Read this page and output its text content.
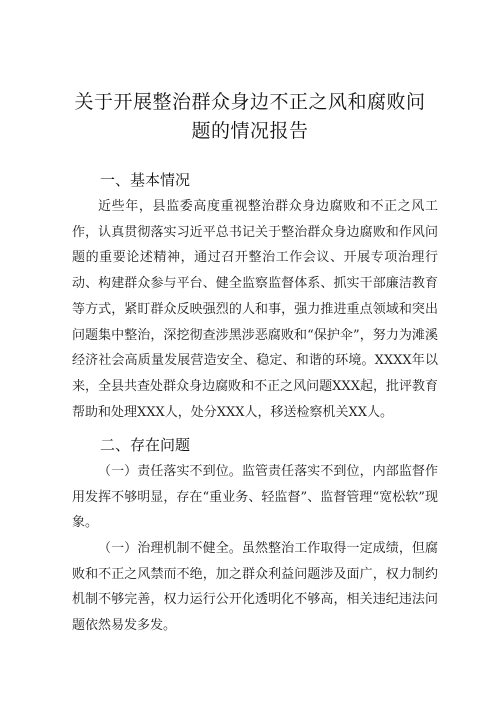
关于开展整治群众身边不正之风和腐败问
题的情况报告
一、基本情况
近些年，县监委高度重视整治群众身边腐败和不正之风工作，认真贯彻落实习近平总书记关于整治群众身边腐败和作风问题的重要论述精神，通过召开整治工作会议、开展专项治理行动、构建群众参与平台、健全监察监督体系、抓实干部廉洁教育等方式，紧盯群众反映强烈的人和事，强力推进重点领域和突出问题集中整治，深挖彻查涉黑涉恶腐败和“保护伞”，努力为滩溪经济社会高质量发展营造安全、稳定、和谐的环境。XXXX年以来，全县共查处群众身边腐败和不正之风问题XXX起，批评教育帮助和处理XXX人，处分XXX人，移送检察机关XX人。
二、存在问题
（一）责任落实不到位。监管责任落实不到位，内部监督作用发挥不够明显，存在“重业务、轻监督”、监督管理“宽松软”现象。
（一）治理机制不健全。虽然整治工作取得一定成绩，但腐败和不正之风禁而不绝，加之群众利益问题涉及面广，权力制约机制不够完善，权力运行公开化透明化不够高，相关违纪违法问题依然易发多发。
